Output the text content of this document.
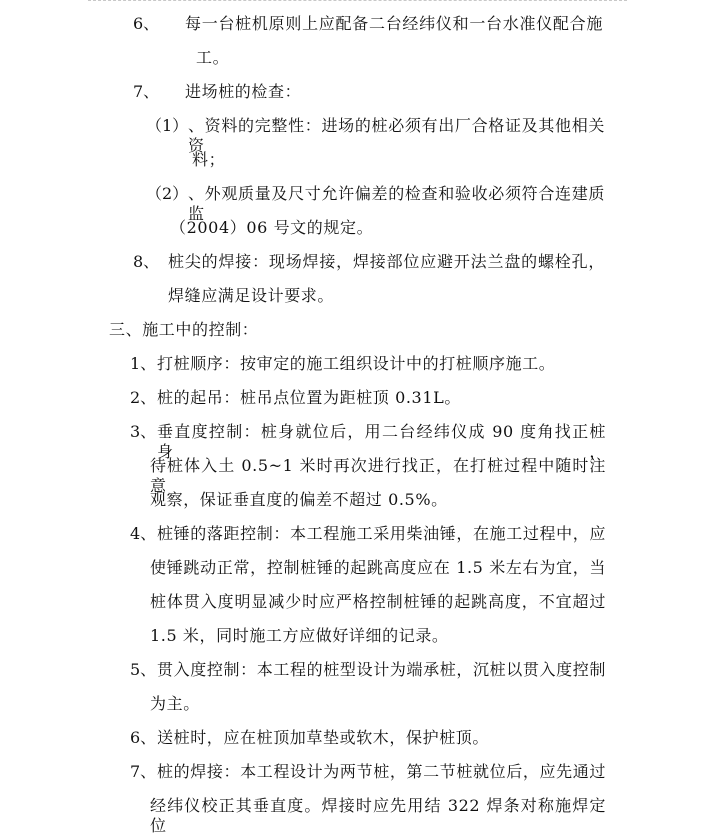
6、 每一台桩机原则上应配备二台经纬仪和一台水准仪配合施
工。
7、 进场桩的检查：
（1） 、资料的完整性：进场的桩必须有出厂合格证及其他相关资
料；
（2） 、外观质量及尺寸允许偏差的检查和验收必须符合连建质监
（2004）06 号文的规定。
8、 桩尖的焊接：现场焊接，焊接部位应避开法兰盘的螺栓孔，
焊缝应满足设计要求。
三、施工中的控制：
1、 打桩顺序：按审定的施工组织设计中的打桩顺序施工。
2、 桩的起吊：桩吊点位置为距桩顶 0.31L。
3、 垂直度控制：桩身就位后，用二台经纬仪成 90 度角找正桩身，
待桩体入土 0.5~1 米时再次进行找正，在打桩过程中随时注意
观察，保证垂直度的偏差不超过 0.5%。
4、 桩锤的落距控制：本工程施工采用柴油锤，在施工过程中，应
使锤跳动正常，控制桩锤的起跳高度应在 1.5 米左右为宜，当
桩体贯入度明显减少时应严格控制桩锤的起跳高度，不宜超过
1.5 米，同时施工方应做好详细的记录。
5、 贯入度控制：本工程的桩型设计为端承桩，沉桩以贯入度控制
为主。
6、 送桩时，应在桩顶加草垫或软木，保护桩顶。
7、 桩的焊接：本工程设计为两节桩，第二节桩就位后，应先通过
经纬仪校正其垂直度。焊接时应先用结 322 焊条对称施焊定位
